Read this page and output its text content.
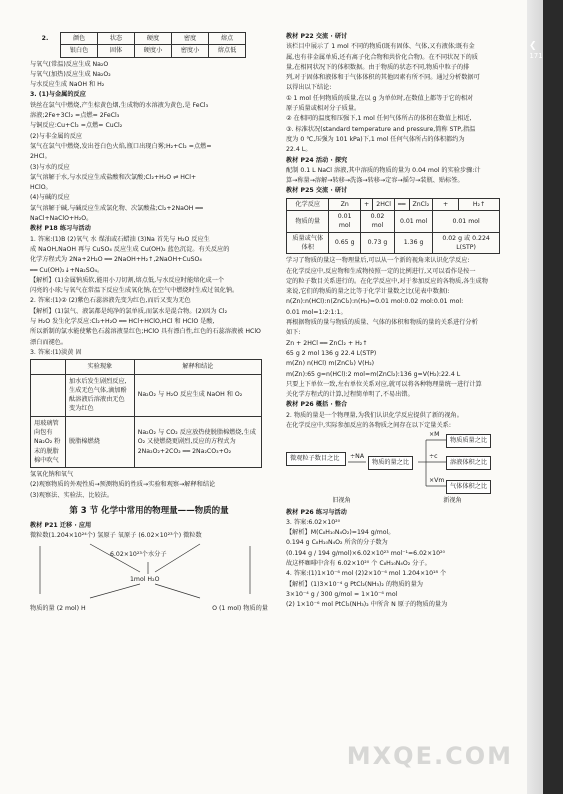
❮
171
2.	颜色	状态	硬度	密度	熔点
	银白色	固体	硬度小	密度小	熔点低

与氧气(常温)反应生成 Na₂O

与氧气(加热)反应生成 Na₂O₂

与水反应生成 NaOH 和 H₂

3. (1)与金属的反应

铁丝在氯气中燃烧,产生棕黄色烟,生成物的水溶液为黄色,是 FeCl₃

溶液;2Fe+3Cl₂ =点燃= 2FeCl₃

与铜反应:Cu+Cl₂ =点燃= CuCl₂

(2)与非金属的反应

氢气在氯气中燃烧,发出苍白色火焰,瓶口出现白雾;H₂+Cl₂ =点燃=

2HCl。

(3)与水的反应

氯气溶解于水,与水反应生成盐酸和次氯酸;Cl₂+H₂O ⇌ HCl+

HClO。

(4)与碱的反应

氯气溶解于碱,与碱反应生成氯化物、次氯酸盐;Cl₂+2NaOH ══

NaCl+NaClO+H₂O。

教材 P18 练习与活动

1. 答案:(1)B (2)氧气 水 煤油或石蜡油 (3)Na 首先与 H₂O 反应生

成 NaOH,NaOH 再与 CuSO₄ 反应生成 Cu(OH)₂ 蓝色沉淀。有关反应的

化学方程式为 2Na+2H₂O ══ 2NaOH+H₂↑,2NaOH+CuSO₄

══ Cu(OH)₂↓+Na₂SO₄。

【解析】(1)金属钠质软,能用小刀切割,熔点低,与水反应时能熔化成一个

闪亮的小球;与氧气在常温下反应生成氧化钠,在空气中燃烧时生成过氧化钠。

2. 答案:(1)② (2)紫色石蕊溶液先变为红色,而后又变为无色

【解析】(1)氯气、液氯都是纯净的氯单质,而氯水是混合物。(2)因为 Cl₂

与 H₂O 发生化学反应:Cl₂+H₂O ══ HCl+HClO,HCl 和 HClO 是酸,

所以新制的氯水能使紫色石蕊溶液显红色;HClO 具有漂白性,红色的石蕊溶液被 HClO

漂白而褪色。

3. 答案:(1)淡黄 固

	实验现象	解释和结论
	加水后发生剧烈反应,生成无色气体,滴加酚酞溶液后溶液由无色变为红色	Na₂O₂ 与 H₂O 反应生成 NaOH 和 O₂
用玻璃管向包有 Na₂O₂ 粉末的脱脂棉中吹气	脱脂棉燃烧	Na₂O₂ 与 CO₂ 反应放热使脱脂棉燃烧,生成 O₂ 又使燃烧更剧烈,反应的方程式为 2Na₂O₂+2CO₂ ══ 2Na₂CO₃+O₂

氢氧化钠和氧气

(2)观察物质的外观性质→预测物质的性质→实验和观察→解释和结论

(3)观察法、实验法、比较法。

第 3 节 化学中常用的物理量——物质的量

教材 P21 迁移 · 应用

微粒数(1.204×10²⁴个) 氢原子 氧原子 (6.02×10²³个) 微粒数

6.02×10²³个水分子
1mol H₂O
物质的量 (2 mol) H	O (1 mol) 物质的量

教材 P22 交流 · 研讨

该栏目中展示了 1 mol 不同的物质(既有固体、气体,又有液体;既有金

属,也有非金属单质,还有离子化合物和共价化合物)。在不同状况下的质

量,在相同状况下的体积数据。由于物质的状态不同,物质中粒子的排

列,对于固体和液体和于气体体积的其他因素有所不同。通过分析数据可

以得出以下结论:

① 1 mol 任何物质的质量,在以 g 为单位时,在数值上都等于它的相对

原子质量或相对分子质量。

② 在相同的温度和压强下,1 mol 任何气体所占的体积在数值上相近,

③. 标准状况(standard temperature and pressure,简称 STP,指温

度为 0 ℃,压强为 101 kPa)下,1 mol 任何气体所占的体积都约为

22.4 L。

教材 P24 活动 · 探究

配制 0.1 L NaCl 溶液,其中溶质的物质的量为 0.04 mol 的实验步骤:计

算→称量→溶解→转移→洗涤→转移→定容→摇匀→装瓶、贴标签。

教材 P25 交流 · 研讨

化学反应	Zn	+	2HCl	══	ZnCl₂	+	H₂↑
物质的量	0.01 mol	0.02 mol		0.01 mol		0.01 mol	
质量或气体体积	0.65 g	0.73 g		1.36 g		0.02 g 或 0.224 L(STP)	

学习了物质的量这一物理量后,可以从一个新的视角来认识化学反应:

在化学反应中,反应物和生成物按照一定的比例进行,又可以看作是按一

定的粒子数目关系进行的。在化学反应中,对于参加反应的各物质,各生成物

来说,它们的物质的量之比等于化学计量数之比(见表中数据):

n(Zn):n(HCl):n(ZnCl₂):n(H₂)=0.01 mol:0.02 mol:0.01 mol:

0.01 mol=1:2:1:1。

再根据物质的量与物质的质量、气体的体积和物质的量的关系进行分析

如下:

Zn + 2HCl ══ ZnCl₂ + H₂↑

65 g 2 mol 136 g 22.4 L(STP)

m(Zn) n(HCl) m(ZnCl₂) V(H₂)

m(Zn):65 g=n(HCl):2 mol=m(ZnCl₂):136 g=V(H₂):22.4 L

只要上下单位一致,左右单位关系对应,就可以将各种物理量统一进行计算

关化学方程式的计算,过程简单明了,不易出错。

教材 P26 概括 · 整合

2. 物质的量是一个物理量,为我们认识化学反应提供了新的视角。

在化学反应中,实际参加反应的各物质之间存在以下定量关系:

微观粒子数目之比	÷NA
物质的量之比
×M
÷c
×Vm
物质质量之比
溶液体积之比
气体体积之比
旧视角	新视角

教材 P26 练习与活动

3. 答案:6.02×10²⁰

【解析】M(C₈H₁₀N₄O₂)=194 g/mol。

0.194 g C₈H₁₀N₄O₂ 所含的分子数为

(0.194 g / 194 g/mol)×6.02×10²³ mol⁻¹=6.02×10²⁰

故这杯咖啡中含有 6.02×10²⁰ 个 C₈H₁₀N₄O₂ 分子。

4. 答案:(1)1×10⁻⁶ mol (2)2×10⁻⁶ mol 1.204×10¹⁸ 个

【解析】(1)3×10⁻⁴ g PtCl₂(NH₃)₂ 的物质的量为

3×10⁻⁴ g / 300 g/mol = 1×10⁻⁶ mol

(2) 1×10⁻⁶ mol PtCl₂(NH₃)₂ 中所含 N 原子的物质的量为

MXQE.COM
